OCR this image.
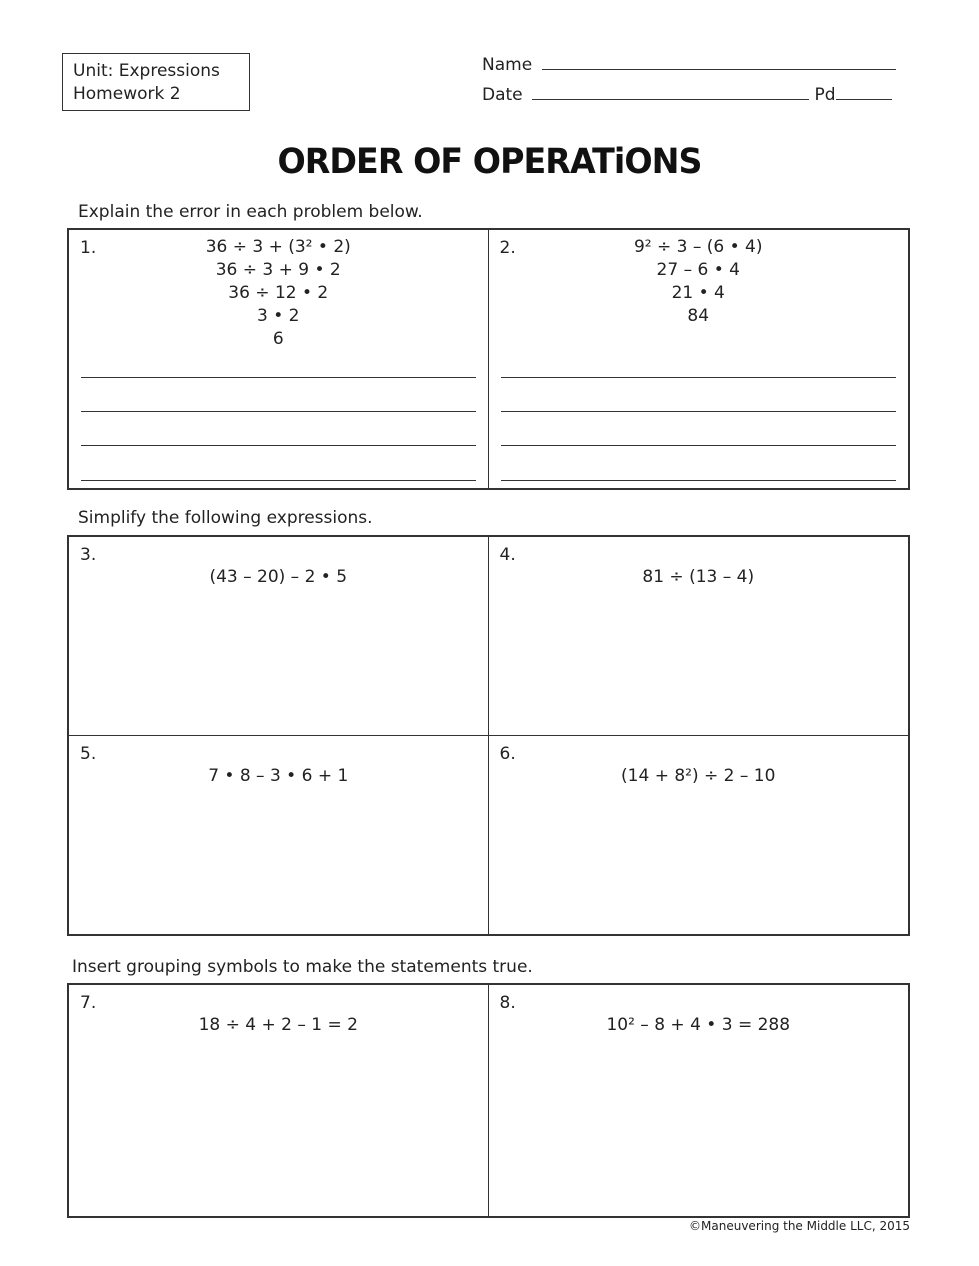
Unit: Expressions
Homework 2
Name
Date	Pd
ORDER OF OPERATiONS
Explain the error in each problem below.
1.	36 ÷ 3 + (3² • 2)
36 ÷ 3 + 9 • 2
36 ÷ 12 • 2
3 • 2
6
2.	9² ÷ 3 – (6 • 4)
27 – 6 • 4
21 • 4
84
Simplify the following expressions.
3.
(43 – 20) – 2 • 5
4.
81 ÷ (13 – 4)
5.
7 • 8 – 3 • 6 + 1
6.
(14 + 8²) ÷ 2 – 10
Insert grouping symbols to make the statements true.
7.
18 ÷ 4 + 2 – 1 = 2
8.
10² – 8 + 4 • 3 = 288
©Maneuvering the Middle LLC, 2015
